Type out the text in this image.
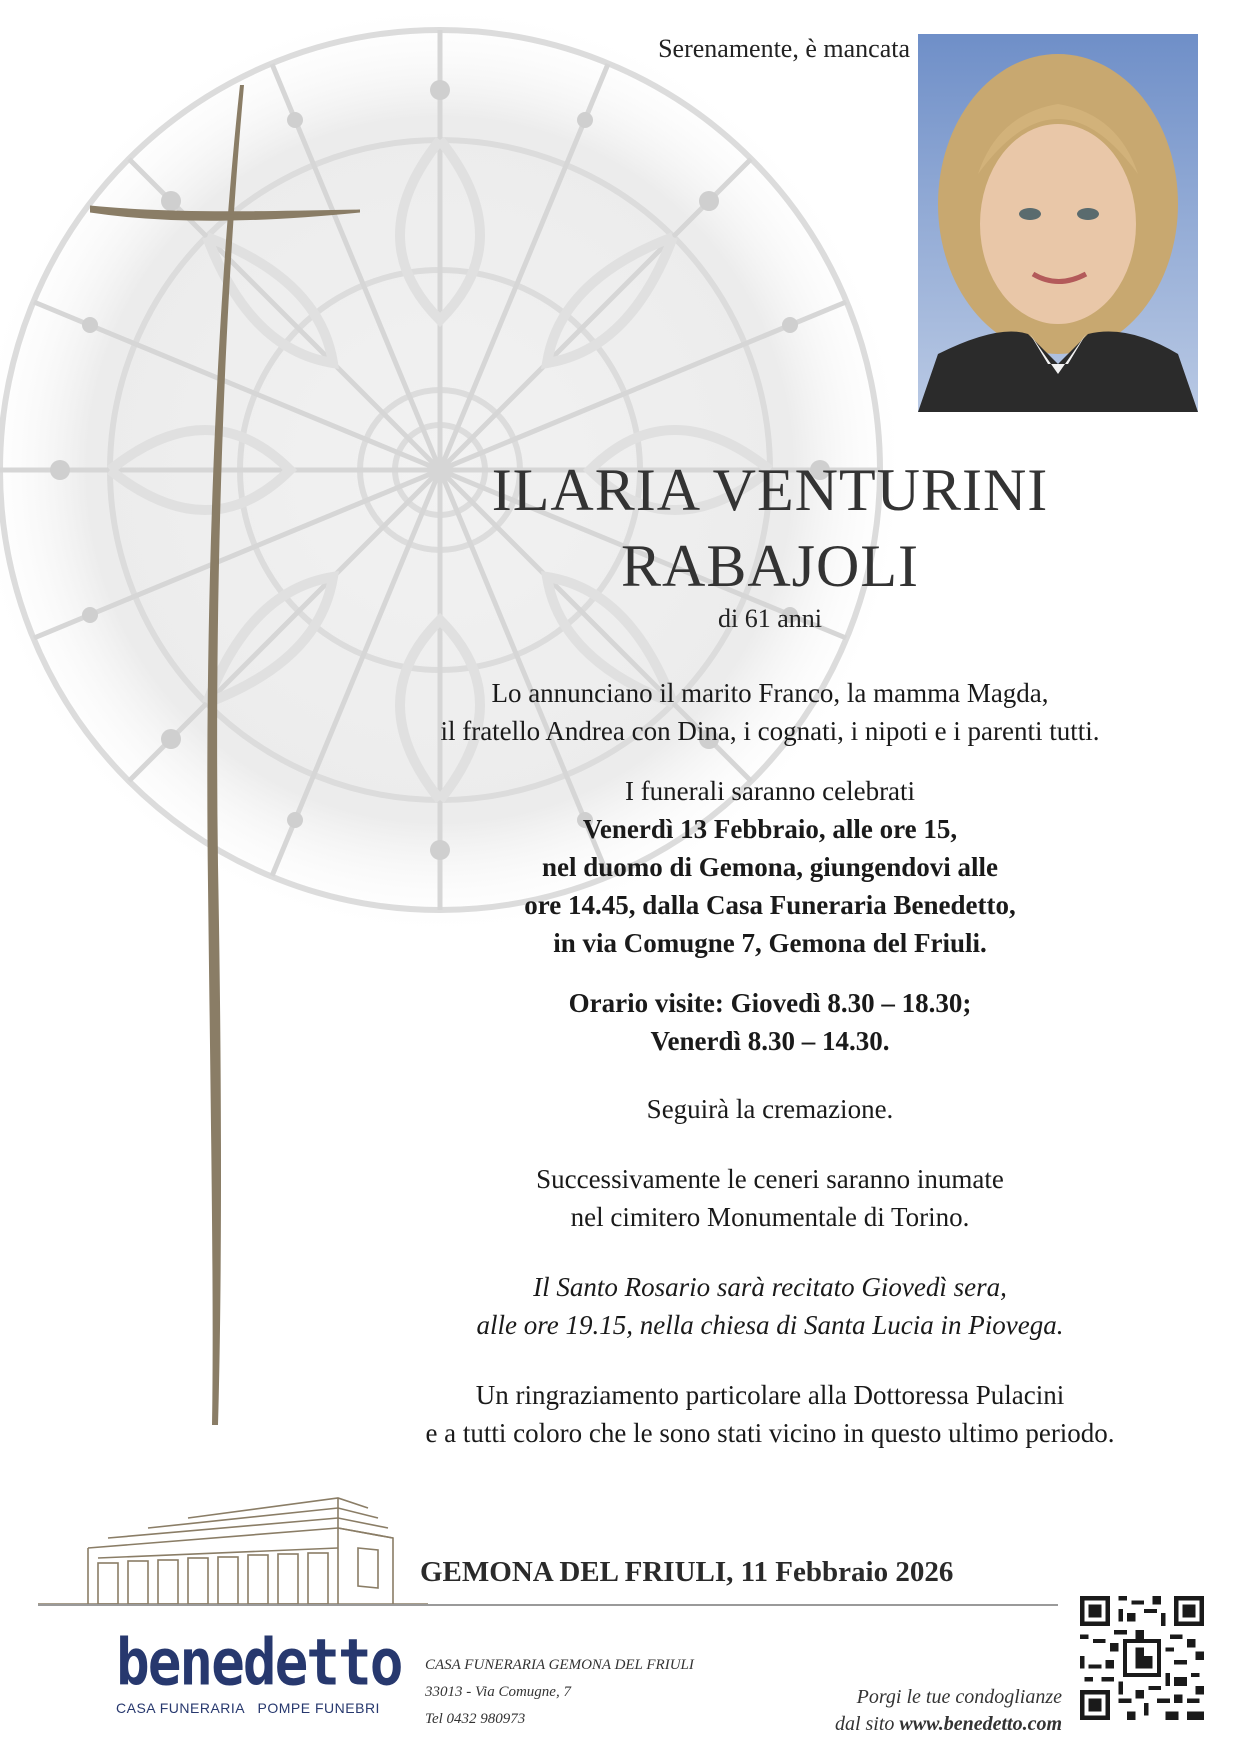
Serenamente, è mancata
ILARIA VENTURINI
RABAJOLI
di 61 anni
Lo annunciano il marito Franco, la mamma Magda,
il fratello Andrea con Dina, i cognati, i nipoti e i parenti tutti.
I funerali saranno celebrati
Venerdì 13 Febbraio, alle ore 15,
nel duomo di Gemona, giungendovi alle
ore 14.45, dalla Casa Funeraria Benedetto,
in via Comugne 7, Gemona del Friuli.
Orario visite: Giovedì 8.30 – 18.30;
Venerdì 8.30 – 14.30.
Seguirà la cremazione.
Successivamente le ceneri saranno inumate
nel cimitero Monumentale di Torino.
Il Santo Rosario sarà recitato Giovedì sera,
alle ore 19.15, nella chiesa di Santa Lucia in Piovega.
Un ringraziamento particolare alla Dottoressa Pulacini
e a tutti coloro che le sono stati vicino in questo ultimo periodo.
GEMONA DEL FRIULI, 11 Febbraio 2026
benedetto
CASA FUNERARIA   POMPE FUNEBRI
CASA FUNERARIA GEMONA DEL FRIULI
33013 - Via Comugne, 7
Tel 0432 980973
Porgi le tue condoglianze
dal sito www.benedetto.com
